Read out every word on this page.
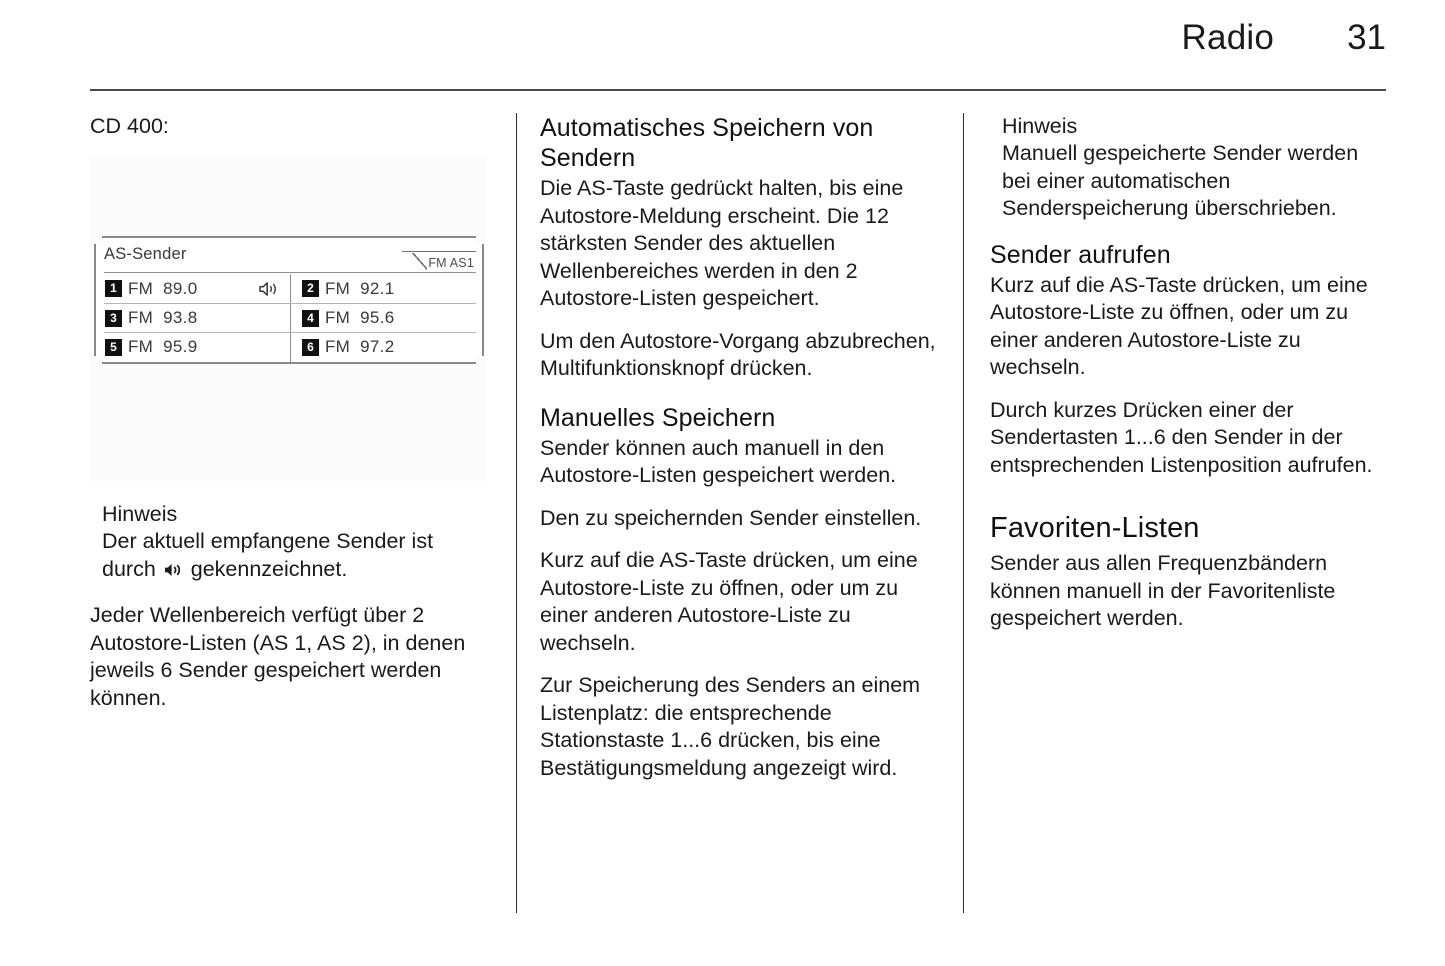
Radio 31
CD 400:
AS-Sender	FM AS1
1 FM 89.0	2 FM 92.1
3 FM 93.8	4 FM 95.6
5 FM 95.9	6 FM 97.2
Hinweis
Der aktuell empfangene Sender ist durch  gekennzeichnet.
Jeder Wellenbereich verfügt über 2 Autostore-Listen (AS 1, AS 2), in denen jeweils 6 Sender gespeichert werden können.
Automatisches Speichern von Sendern
Die AS-Taste gedrückt halten, bis eine Autostore-Meldung erscheint. Die 12 stärksten Sender des aktuellen Wellenbereiches werden in den 2 Autostore-Listen gespeichert.
Um den Autostore-Vorgang abzubrechen, Multifunktionsknopf drücken.
Manuelles Speichern
Sender können auch manuell in den Autostore-Listen gespeichert werden.
Den zu speichernden Sender einstellen.
Kurz auf die AS-Taste drücken, um eine Autostore-Liste zu öffnen, oder um zu einer anderen Autostore-Liste zu wechseln.
Zur Speicherung des Senders an einem Listenplatz: die entsprechende Stationstaste 1...6 drücken, bis eine Bestätigungsmeldung angezeigt wird.
Hinweis
Manuell gespeicherte Sender werden bei einer automatischen Senderspeicherung überschrieben.
Sender aufrufen
Kurz auf die AS-Taste drücken, um eine Autostore-Liste zu öffnen, oder um zu einer anderen Autostore-Liste zu wechseln.
Durch kurzes Drücken einer der Sendertasten 1...6 den Sender in der entsprechenden Listenposition aufrufen.
Favoriten-Listen
Sender aus allen Frequenzbändern können manuell in der Favoritenliste gespeichert werden.
